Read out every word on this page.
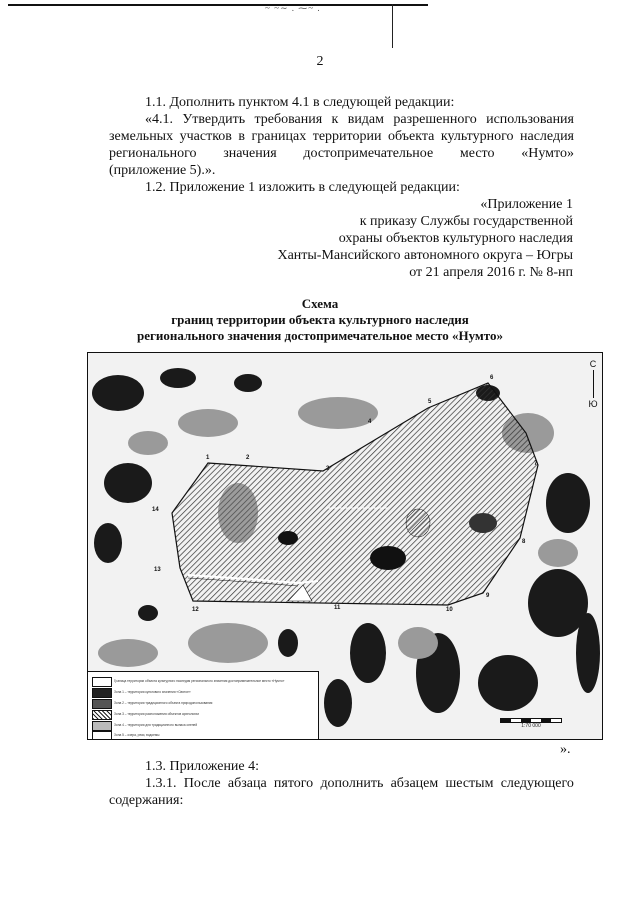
~ ~∼ . ⁓~ .
2
1.1. Дополнить пунктом 4.1 в следующей редакции:
«4.1. Утвердить требования к видам разрешенного использования
земельных участков в границах территории объекта культурного наследия
регионального значения достопримечательное место «Нумто»
(приложение 5).».
1.2. Приложение 1 изложить в следующей редакции:
«Приложение 1
к приказу Службы государственной
охраны объектов культурного наследия
Ханты-Мансийского автономного округа – Югры
от 21 апреля 2016 г. № 8-нп
Схема
границ территории объекта культурного наследия
регионального значения достопримечательное место «Нумто»
1	2
3
4
5
6
7
8
9
10
11
12
13
14
С
Ю
Граница территории объекта культурного наследия регионального значения достопримечательное место «Нумто»
Зона 1 – территория культового значения «Святое»
Зона 2 – территория традиционного объекта природопользования
Зона 3 – территория расположения объектов археологии
Зона 4 – территория для традиционного выпаса оленей
Зона 5 – озера, реки, водоемы
1:70 000
».
1.3. Приложение 4:
1.3.1. После абзаца пятого дополнить абзацем шестым следующего
содержания:
